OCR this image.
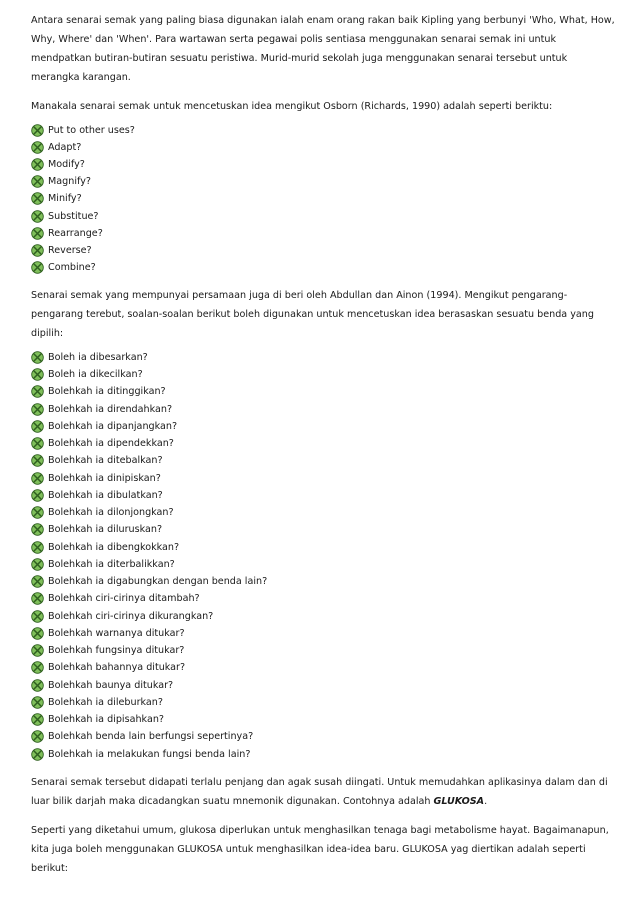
Antara senarai semak yang paling biasa digunakan ialah enam orang rakan baik Kipling yang berbunyi 'Who, What, How, Why, Where' dan 'When'. Para wartawan serta pegawai polis sentiasa menggunakan senarai semak ini untuk mendpatkan butiran-butiran sesuatu peristiwa. Murid-murid sekolah juga menggunakan senarai tersebut untuk merangka karangan.

Manakala senarai semak untuk mencetuskan idea mengikut Osborn (Richards, 1990) adalah seperti beriktu:

Put to other uses?
Adapt?
Modify?
Magnify?
Minify?
Substitue?
Rearrange?
Reverse?
Combine?

Senarai semak yang mempunyai persamaan juga di beri oleh Abdullan dan Ainon (1994). Mengikut pengarang-pengarang terebut, soalan-soalan berikut boleh digunakan untuk mencetuskan idea berasaskan sesuatu benda yang dipilih:

Boleh ia dibesarkan?
Boleh ia dikecilkan?
Bolehkah ia ditinggikan?
Bolehkah ia direndahkan?
Bolehkah ia dipanjangkan?
Bolehkah ia dipendekkan?
Bolehkah ia ditebalkan?
Bolehkah ia dinipiskan?
Bolehkah ia dibulatkan?
Bolehkah ia dilonjongkan?
Bolehkah ia diluruskan?
Bolehkah ia dibengkokkan?
Bolehkah ia diterbalikkan?
Bolehkah ia digabungkan dengan benda lain?
Bolehkah ciri-cirinya ditambah?
Bolehkah ciri-cirinya dikurangkan?
Bolehkah warnanya ditukar?
Bolehkah fungsinya ditukar?
Bolehkah bahannya ditukar?
Bolehkah baunya ditukar?
Bolehkah ia dileburkan?
Bolehkah ia dipisahkan?
Bolehkah benda lain berfungsi sepertinya?
Bolehkah ia melakukan fungsi benda lain?

Senarai semak tersebut didapati terlalu penjang dan agak susah diingati. Untuk memudahkan aplikasinya dalam dan di luar bilik darjah maka dicadangkan suatu mnemonik digunakan. Contohnya adalah GLUKOSA.

Seperti yang diketahui umum, glukosa diperlukan untuk menghasilkan tenaga bagi metabolisme hayat. Bagaimanapun, kita juga boleh menggunakan GLUKOSA untuk menghasilkan idea-idea baru. GLUKOSA yag diertikan adalah seperti berikut:
